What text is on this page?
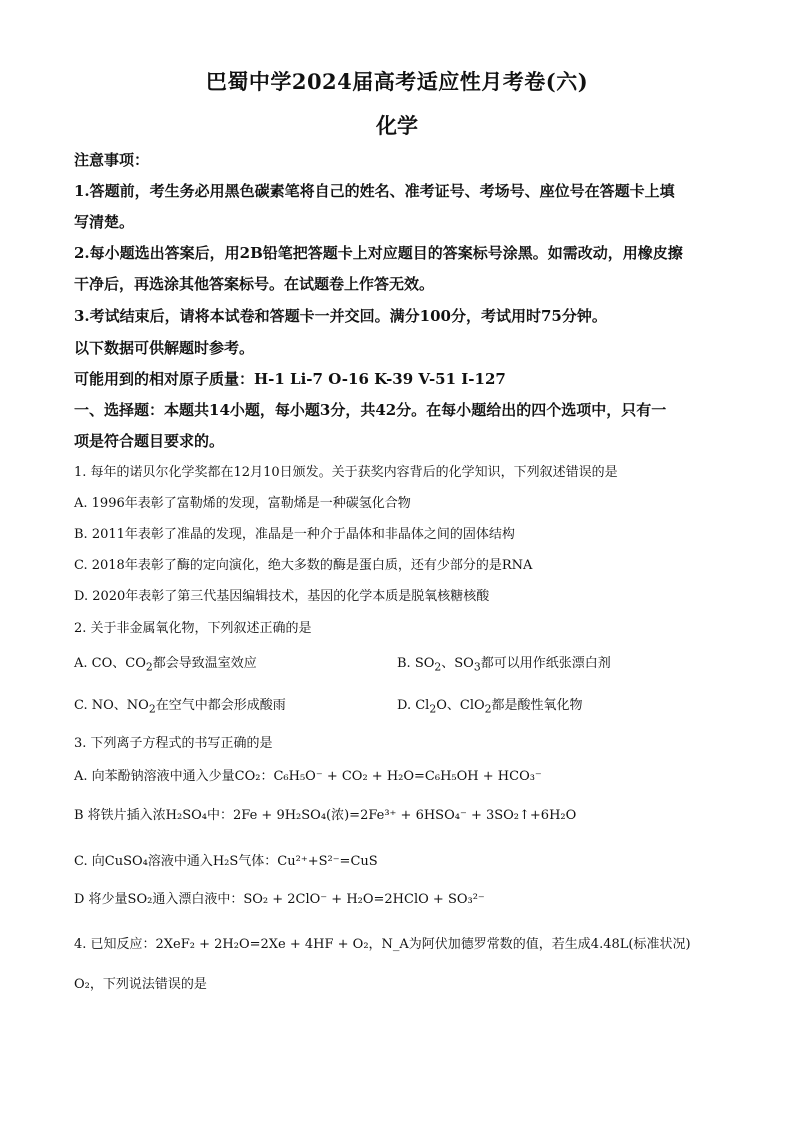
巴蜀中学2024届高考适应性月考卷(六)
化学
注意事项：
1.答题前，考生务必用黑色碳素笔将自己的姓名、准考证号、考场号、座位号在答题卡上填
写清楚。
2.每小题选出答案后，用2B铅笔把答题卡上对应题目的答案标号涂黑。如需改动，用橡皮擦
干净后，再选涂其他答案标号。在试题卷上作答无效。
3.考试结束后，请将本试卷和答题卡一并交回。满分100分，考试用时75分钟。
以下数据可供解题时参考。
可能用到的相对原子质量：H-1 Li-7 O-16 K-39 V-51 I-127
一、选择题：本题共14小题，每小题3分，共42分。在每小题给出的四个选项中，只有一
项是符合题目要求的。
1. 每年的诺贝尔化学奖都在12月10日颁发。关于获奖内容背后的化学知识，下列叙述错误的是
A. 1996年表彰了富勒烯的发现，富勒烯是一种碳氢化合物
B. 2011年表彰了准晶的发现，准晶是一种介于晶体和非晶体之间的固体结构
C. 2018年表彰了酶的定向演化，绝大多数的酶是蛋白质，还有少部分的是RNA
D. 2020年表彰了第三代基因编辑技术，基因的化学本质是脱氧核糖核酸
2. 关于非金属氧化物，下列叙述正确的是
A. CO、$CO_2$都会导致温室效应	B. $SO_2$、$SO_3$都可以用作纸张漂白剂
C. NO、$NO_2$在空气中都会形成酸雨	D. $Cl_2O$、ClO$_2$都是酸性氧化物
3. 下列离子方程式的书写正确的是
A. 向苯酚钠溶液中通入少量CO₂：C₆H₅O⁻ + CO₂ + H₂O=C₆H₅OH + HCO₃⁻
B 将铁片插入浓H₂SO₄中：2Fe + 9H₂SO₄(浓)=2Fe³⁺ + 6HSO₄⁻ + 3SO₂↑+6H₂O
C. 向CuSO₄溶液中通入H₂S气体：Cu²⁺+S²⁻=CuS
D 将少量SO₂通入漂白液中：SO₂ + 2ClO⁻ + H₂O=2HClO + SO₃²⁻
4. 已知反应：2XeF₂ + 2H₂O=2Xe + 4HF + O₂，N_A为阿伏加德罗常数的值，若生成4.48L(标准状况)
O₂，下列说法错误的是
